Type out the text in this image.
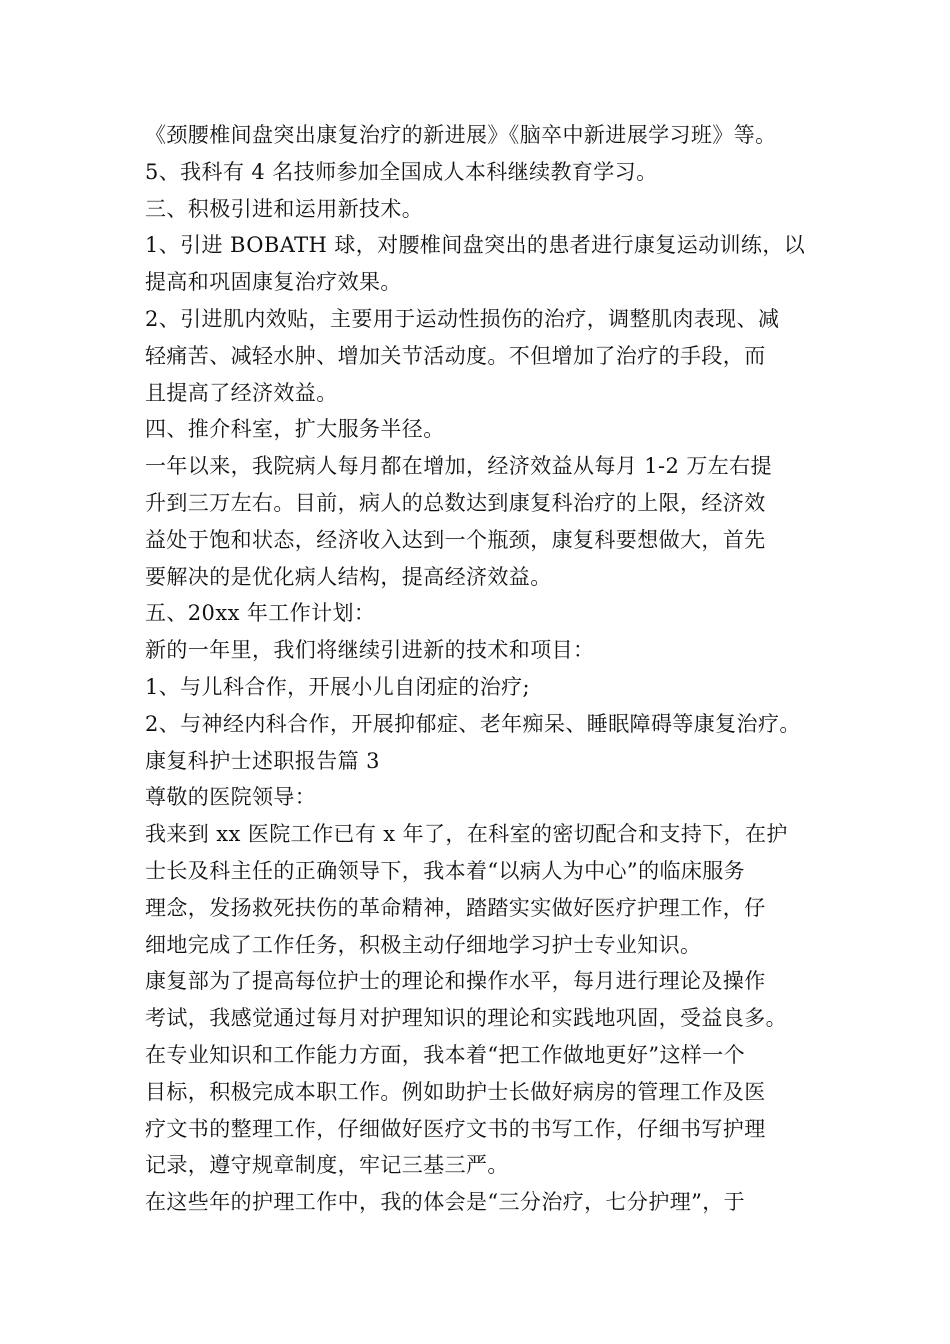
《颈腰椎间盘突出康复治疗的新进展》《脑卒中新进展学习班》等。
5、我科有 4 名技师参加全国成人本科继续教育学习。
三、积极引进和运用新技术。
1、引进 BOBATH 球，对腰椎间盘突出的患者进行康复运动训练，以
提高和巩固康复治疗效果。
2、引进肌内效贴，主要用于运动性损伤的治疗，调整肌肉表现、减
轻痛苦、减轻水肿、增加关节活动度。不但增加了治疗的手段，而
且提高了经济效益。
四、推介科室，扩大服务半径。
一年以来，我院病人每月都在增加，经济效益从每月 1-2 万左右提
升到三万左右。目前，病人的总数达到康复科治疗的上限，经济效
益处于饱和状态，经济收入达到一个瓶颈，康复科要想做大，首先
要解决的是优化病人结构，提高经济效益。
五、20xx 年工作计划：
新的一年里，我们将继续引进新的技术和项目：
1、与儿科合作，开展小儿自闭症的治疗;
2、与神经内科合作，开展抑郁症、老年痴呆、睡眠障碍等康复治疗。
康复科护士述职报告篇 3
尊敬的医院领导：
我来到 xx 医院工作已有 x 年了，在科室的密切配合和支持下，在护
士长及科主任的正确领导下，我本着“以病人为中心”的临床服务
理念，发扬救死扶伤的革命精神，踏踏实实做好医疗护理工作，仔
细地完成了工作任务，积极主动仔细地学习护士专业知识。
康复部为了提高每位护士的理论和操作水平，每月进行理论及操作
考试，我感觉通过每月对护理知识的理论和实践地巩固，受益良多。
在专业知识和工作能力方面，我本着“把工作做地更好”这样一个
目标，积极完成本职工作。例如助护士长做好病房的管理工作及医
疗文书的整理工作，仔细做好医疗文书的书写工作，仔细书写护理
记录，遵守规章制度，牢记三基三严。
在这些年的护理工作中，我的体会是“三分治疗，七分护理”，于
